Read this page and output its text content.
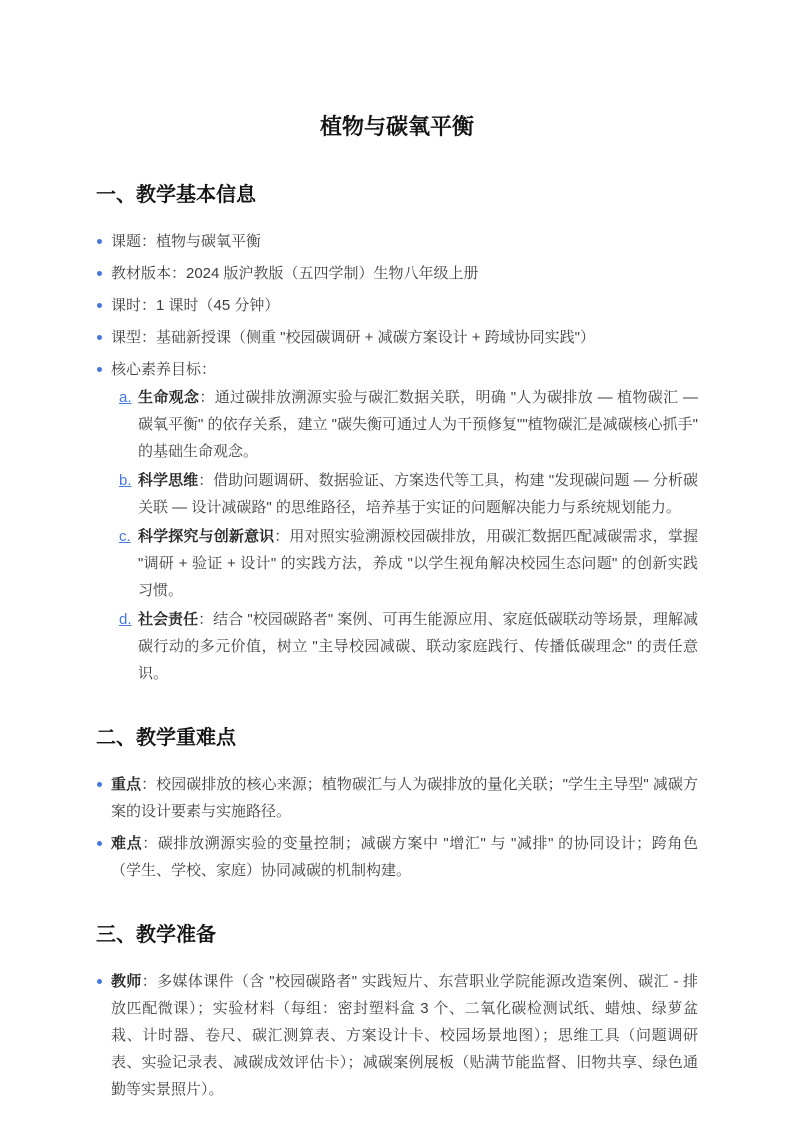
植物与碳氧平衡
一、教学基本信息
课题：植物与碳氧平衡
教材版本：2024 版沪教版（五四学制）生物八年级上册
课时：1 课时（45 分钟）
课型：基础新授课（侧重 "校园碳调研 + 减碳方案设计 + 跨域协同实践"）
核心素养目标：
a. 生命观念：通过碳排放溯源实验与碳汇数据关联，明确 "人为碳排放 — 植物碳汇 — 碳氧平衡" 的依存关系，建立 "碳失衡可通过人为干预修复""植物碳汇是减碳核心抓手" 的基础生命观念。
b. 科学思维：借助问题调研、数据验证、方案迭代等工具，构建 "发现碳问题 — 分析碳关联 — 设计减碳路" 的思维路径，培养基于实证的问题解决能力与系统规划能力。
c. 科学探究与创新意识：用对照实验溯源校园碳排放，用碳汇数据匹配减碳需求，掌握 "调研 + 验证 + 设计" 的实践方法，养成 "以学生视角解决校园生态问题" 的创新实践习惯。
d. 社会责任：结合 "校园碳路者" 案例、可再生能源应用、家庭低碳联动等场景，理解减碳行动的多元价值，树立 "主导校园减碳、联动家庭践行、传播低碳理念" 的责任意识。
二、教学重难点
重点：校园碳排放的核心来源；植物碳汇与人为碳排放的量化关联；"学生主导型" 减碳方案的设计要素与实施路径。
难点：碳排放溯源实验的变量控制；减碳方案中 "增汇" 与 "减排" 的协同设计；跨角色（学生、学校、家庭）协同减碳的机制构建。
三、教学准备
教师：多媒体课件（含 "校园碳路者" 实践短片、东营职业学院能源改造案例、碳汇 - 排放匹配微课）；实验材料（每组：密封塑料盒 3 个、二氧化碳检测试纸、蜡烛、绿萝盆栽、计时器、卷尺、碳汇测算表、方案设计卡、校园场景地图）；思维工具（问题调研表、实验记录表、减碳成效评估卡）；减碳案例展板（贴满节能监督、旧物共享、绿色通勤等实景照片）。
